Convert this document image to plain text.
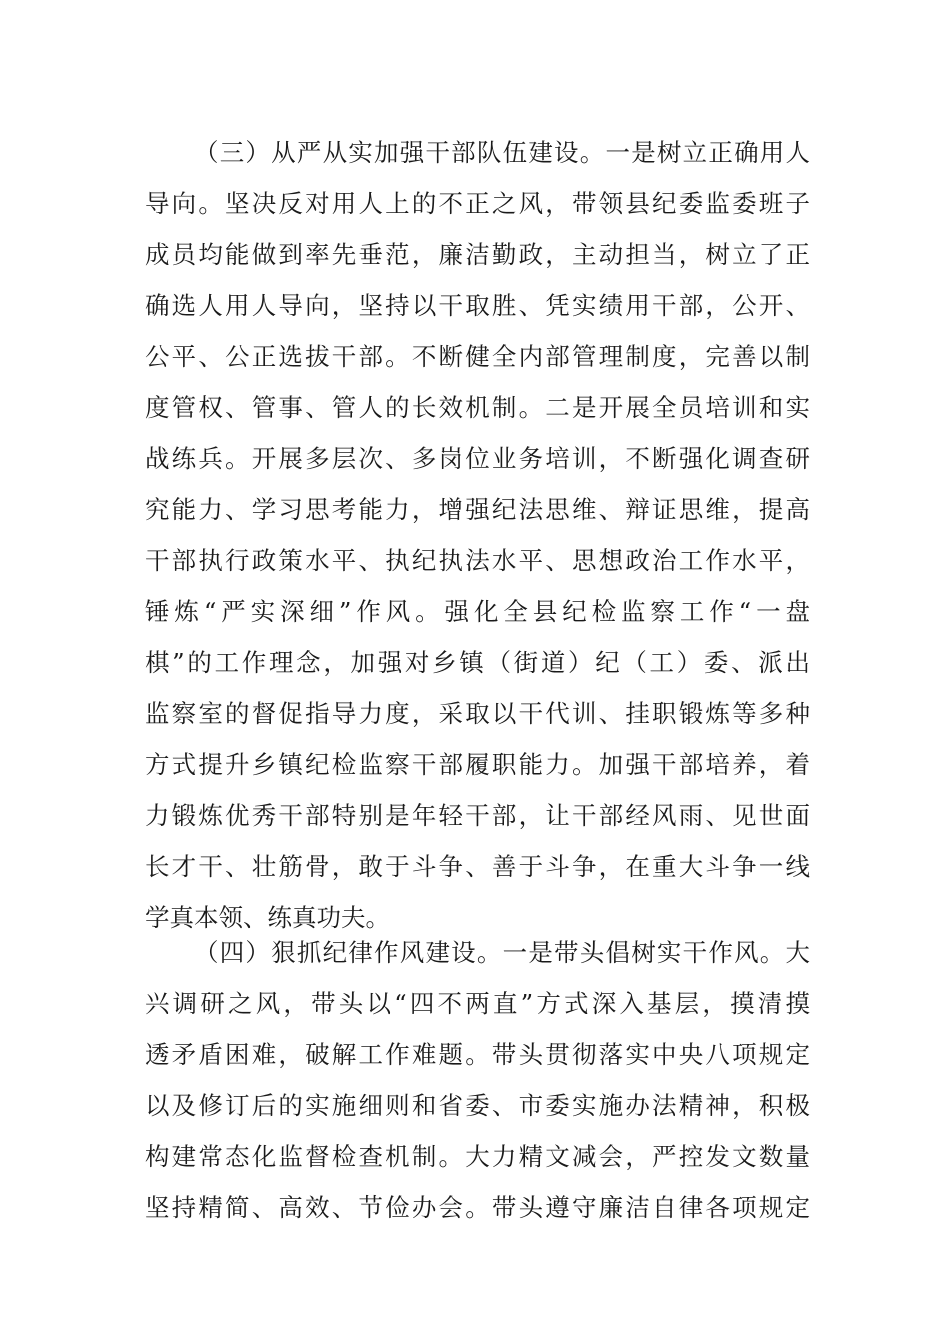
（三）从严从实加强干部队伍建设。一是树立正确用人
导向。坚决反对用人上的不正之风，带领县纪委监委班子
成员均能做到率先垂范，廉洁勤政，主动担当，树立了正
确选人用人导向，坚持以干取胜、凭实绩用干部，公开、
公平、公正选拔干部。不断健全内部管理制度，完善以制
度管权、管事、管人的长效机制。二是开展全员培训和实
战练兵。开展多层次、多岗位业务培训，不断强化调查研
究能力、学习思考能力，增强纪法思维、辩证思维，提高
干部执行政策水平、执纪执法水平、思想政治工作水平，
锤炼“严实深细”作风。强化全县纪检监察工作“一盘
棋”的工作理念，加强对乡镇（街道）纪（工）委、派出
监察室的督促指导力度，采取以干代训、挂职锻炼等多种
方式提升乡镇纪检监察干部履职能力。加强干部培养，着
力锻炼优秀干部特别是年轻干部，让干部经风雨、见世面
长才干、壮筋骨，敢于斗争、善于斗争，在重大斗争一线
学真本领、练真功夫。
（四）狠抓纪律作风建设。一是带头倡树实干作风。大
兴调研之风，带头以“四不两直”方式深入基层，摸清摸
透矛盾困难，破解工作难题。带头贯彻落实中央八项规定
以及修订后的实施细则和省委、市委实施办法精神，积极
构建常态化监督检查机制。大力精文减会，严控发文数量
坚持精简、高效、节俭办会。带头遵守廉洁自律各项规定
